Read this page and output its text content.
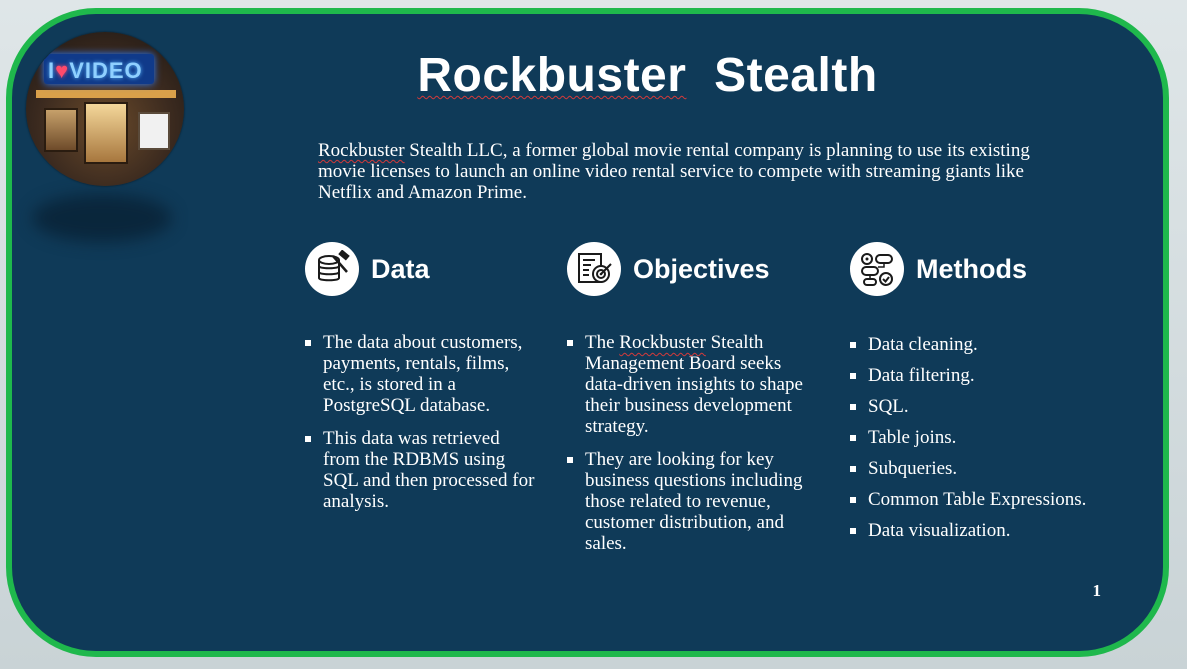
I♥VIDEO	Rockbuster Stealth
Rockbuster Stealth LLC, a former global movie rental company is planning to use its existing movie licenses to launch an online video rental service to compete with streaming giants like Netflix and Amazon Prime.
Data
The data about customers, payments, rentals, films, etc., is stored in a PostgreSQL database.
This data was retrieved from the RDBMS using SQL and then processed for analysis.
Objectives
The Rockbuster Stealth Management Board seeks data-driven insights to shape their business development strategy.
They are looking for key business questions including those related to revenue, customer distribution, and sales.
Methods
Data cleaning.
Data filtering.
SQL.
Table joins.
Subqueries.
Common Table Expressions.
Data visualization.
1
